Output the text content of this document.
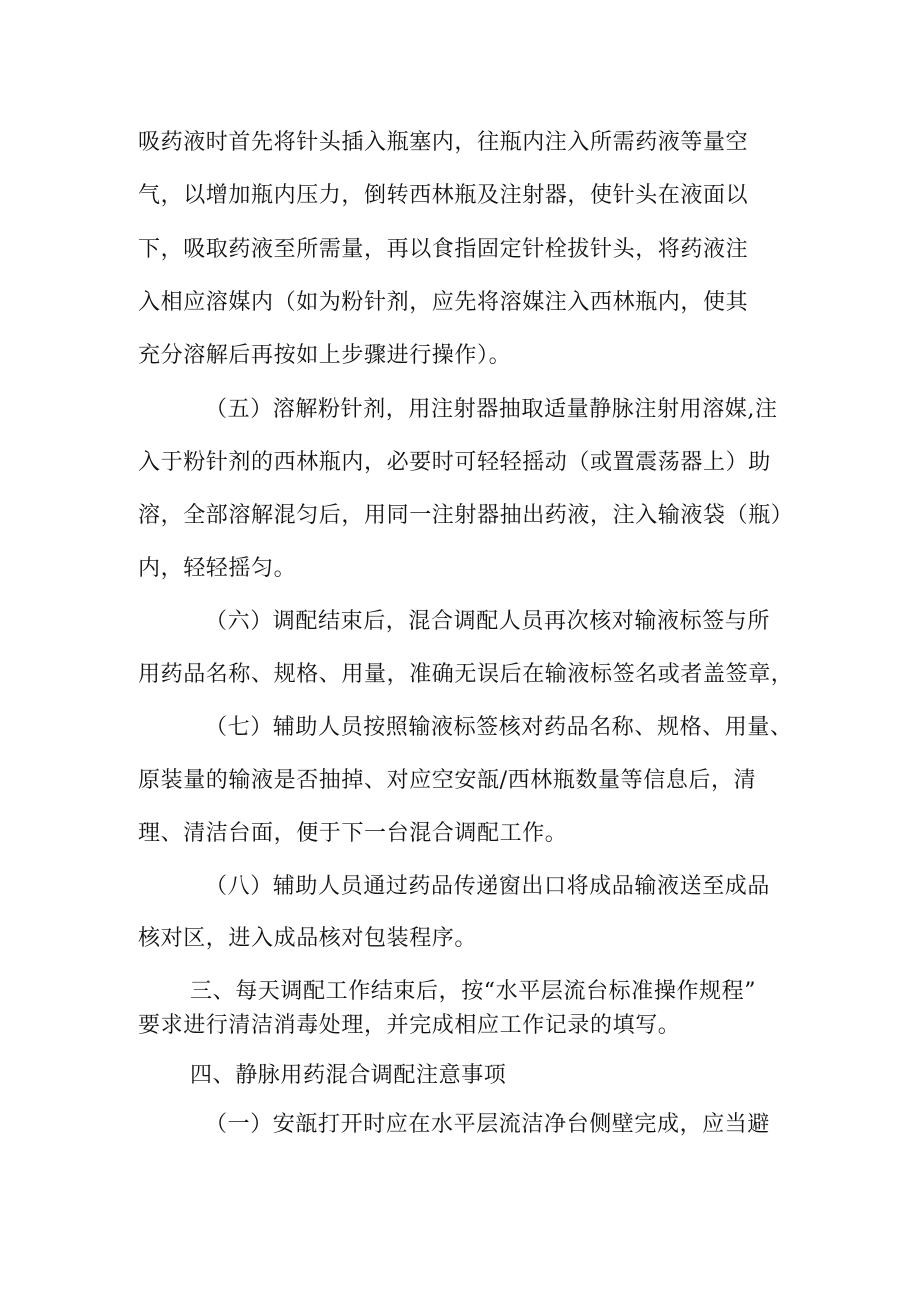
吸药液时首先将针头插入瓶塞内，往瓶内注入所需药液等量空
气，以增加瓶内压力，倒转西林瓶及注射器，使针头在液面以
下，吸取药液至所需量，再以食指固定针栓拔针头，将药液注
入相应溶媒内（如为粉针剂，应先将溶媒注入西林瓶内，使其
充分溶解后再按如上步骤进行操作）。
（五）溶解粉针剂，用注射器抽取适量静脉注射用溶媒,注
入于粉针剂的西林瓶内，必要时可轻轻摇动（或置震荡器上）助
溶，全部溶解混匀后，用同一注射器抽出药液，注入输液袋（瓶）
内，轻轻摇匀。
（六）调配结束后，混合调配人员再次核对输液标签与所
用药品名称、规格、用量，准确无误后在输液标签名或者盖签章，
（七）辅助人员按照输液标签核对药品名称、规格、用量、
原装量的输液是否抽掉、对应空安瓿/西林瓶数量等信息后，清
理、清洁台面，便于下一台混合调配工作。
（八）辅助人员通过药品传递窗出口将成品输液送至成品
核对区，进入成品核对包装程序。
三、每天调配工作结束后，按“水平层流台标准操作规程”
要求进行清洁消毒处理，并完成相应工作记录的填写。
四、静脉用药混合调配注意事项
（一）安瓿打开时应在水平层流洁净台侧壁完成，应当避
